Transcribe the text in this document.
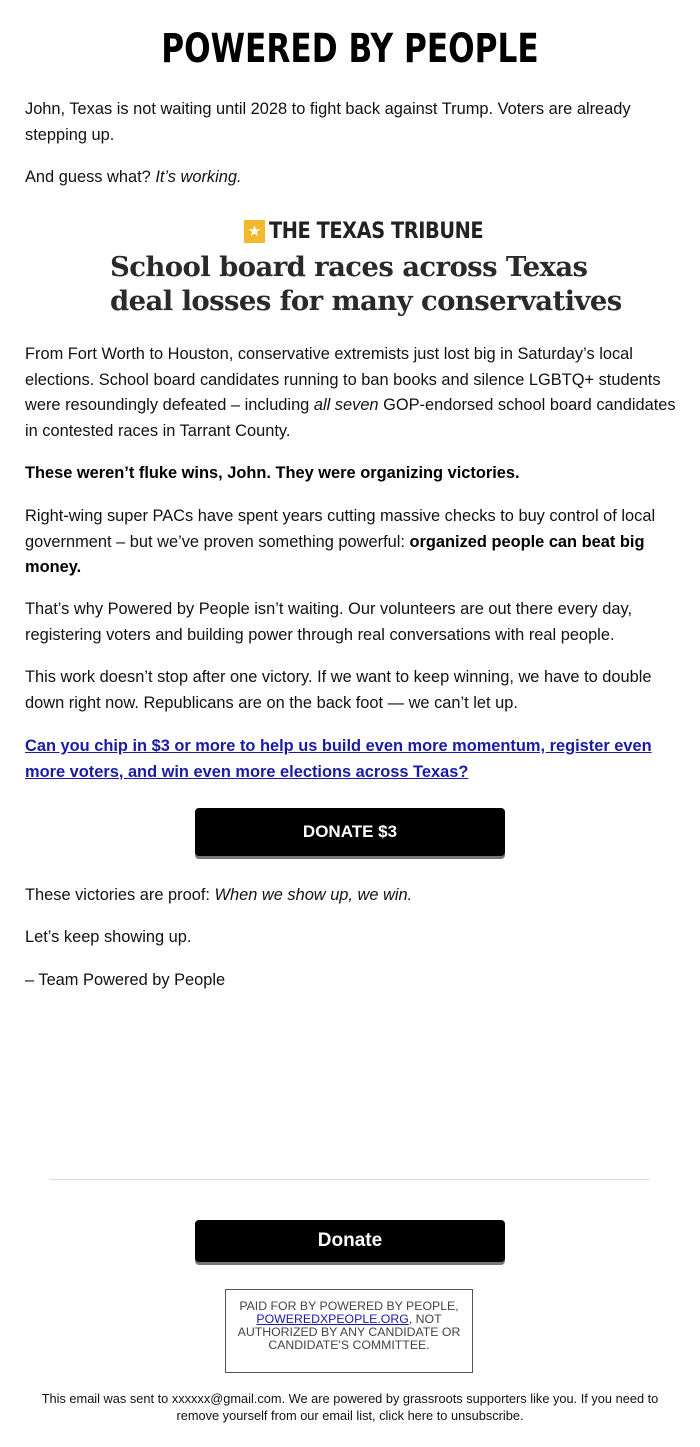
POWERED BY PEOPLE

John, Texas is not waiting until 2028 to fight back against Trump. Voters are already stepping up.

And guess what? It’s working.

★ THE TEXAS TRIBUNE

School board races across Texas
deal losses for many conservatives

From Fort Worth to Houston, conservative extremists just lost big in Saturday’s local elections. School board candidates running to ban books and silence LGBTQ+ students were resoundingly defeated – including all seven GOP-endorsed school board candidates in contested races in Tarrant County.

These weren’t fluke wins, John. They were organizing victories.

Right-wing super PACs have spent years cutting massive checks to buy control of local government – but we’ve proven something powerful: organized people can beat big money.

That’s why Powered by People isn’t waiting. Our volunteers are out there every day, registering voters and building power through real conversations with real people.

This work doesn’t stop after one victory. If we want to keep winning, we have to double down right now. Republicans are on the back foot — we can’t let up.

Can you chip in $3 or more to help us build even more momentum, register even more voters, and win even more elections across Texas?
DONATE $3

These victories are proof: When we show up, we win.

Let’s keep showing up.

– Team Powered by People

Donate
PAID FOR BY POWERED BY PEOPLE, POWEREDXPEOPLE.ORG, NOT AUTHORIZED BY ANY CANDIDATE OR CANDIDATE'S COMMITTEE.
This email was sent to xxxxxx@gmail.com. We are powered by grassroots supporters like you. If you need to remove yourself from our email list, click here to unsubscribe.
